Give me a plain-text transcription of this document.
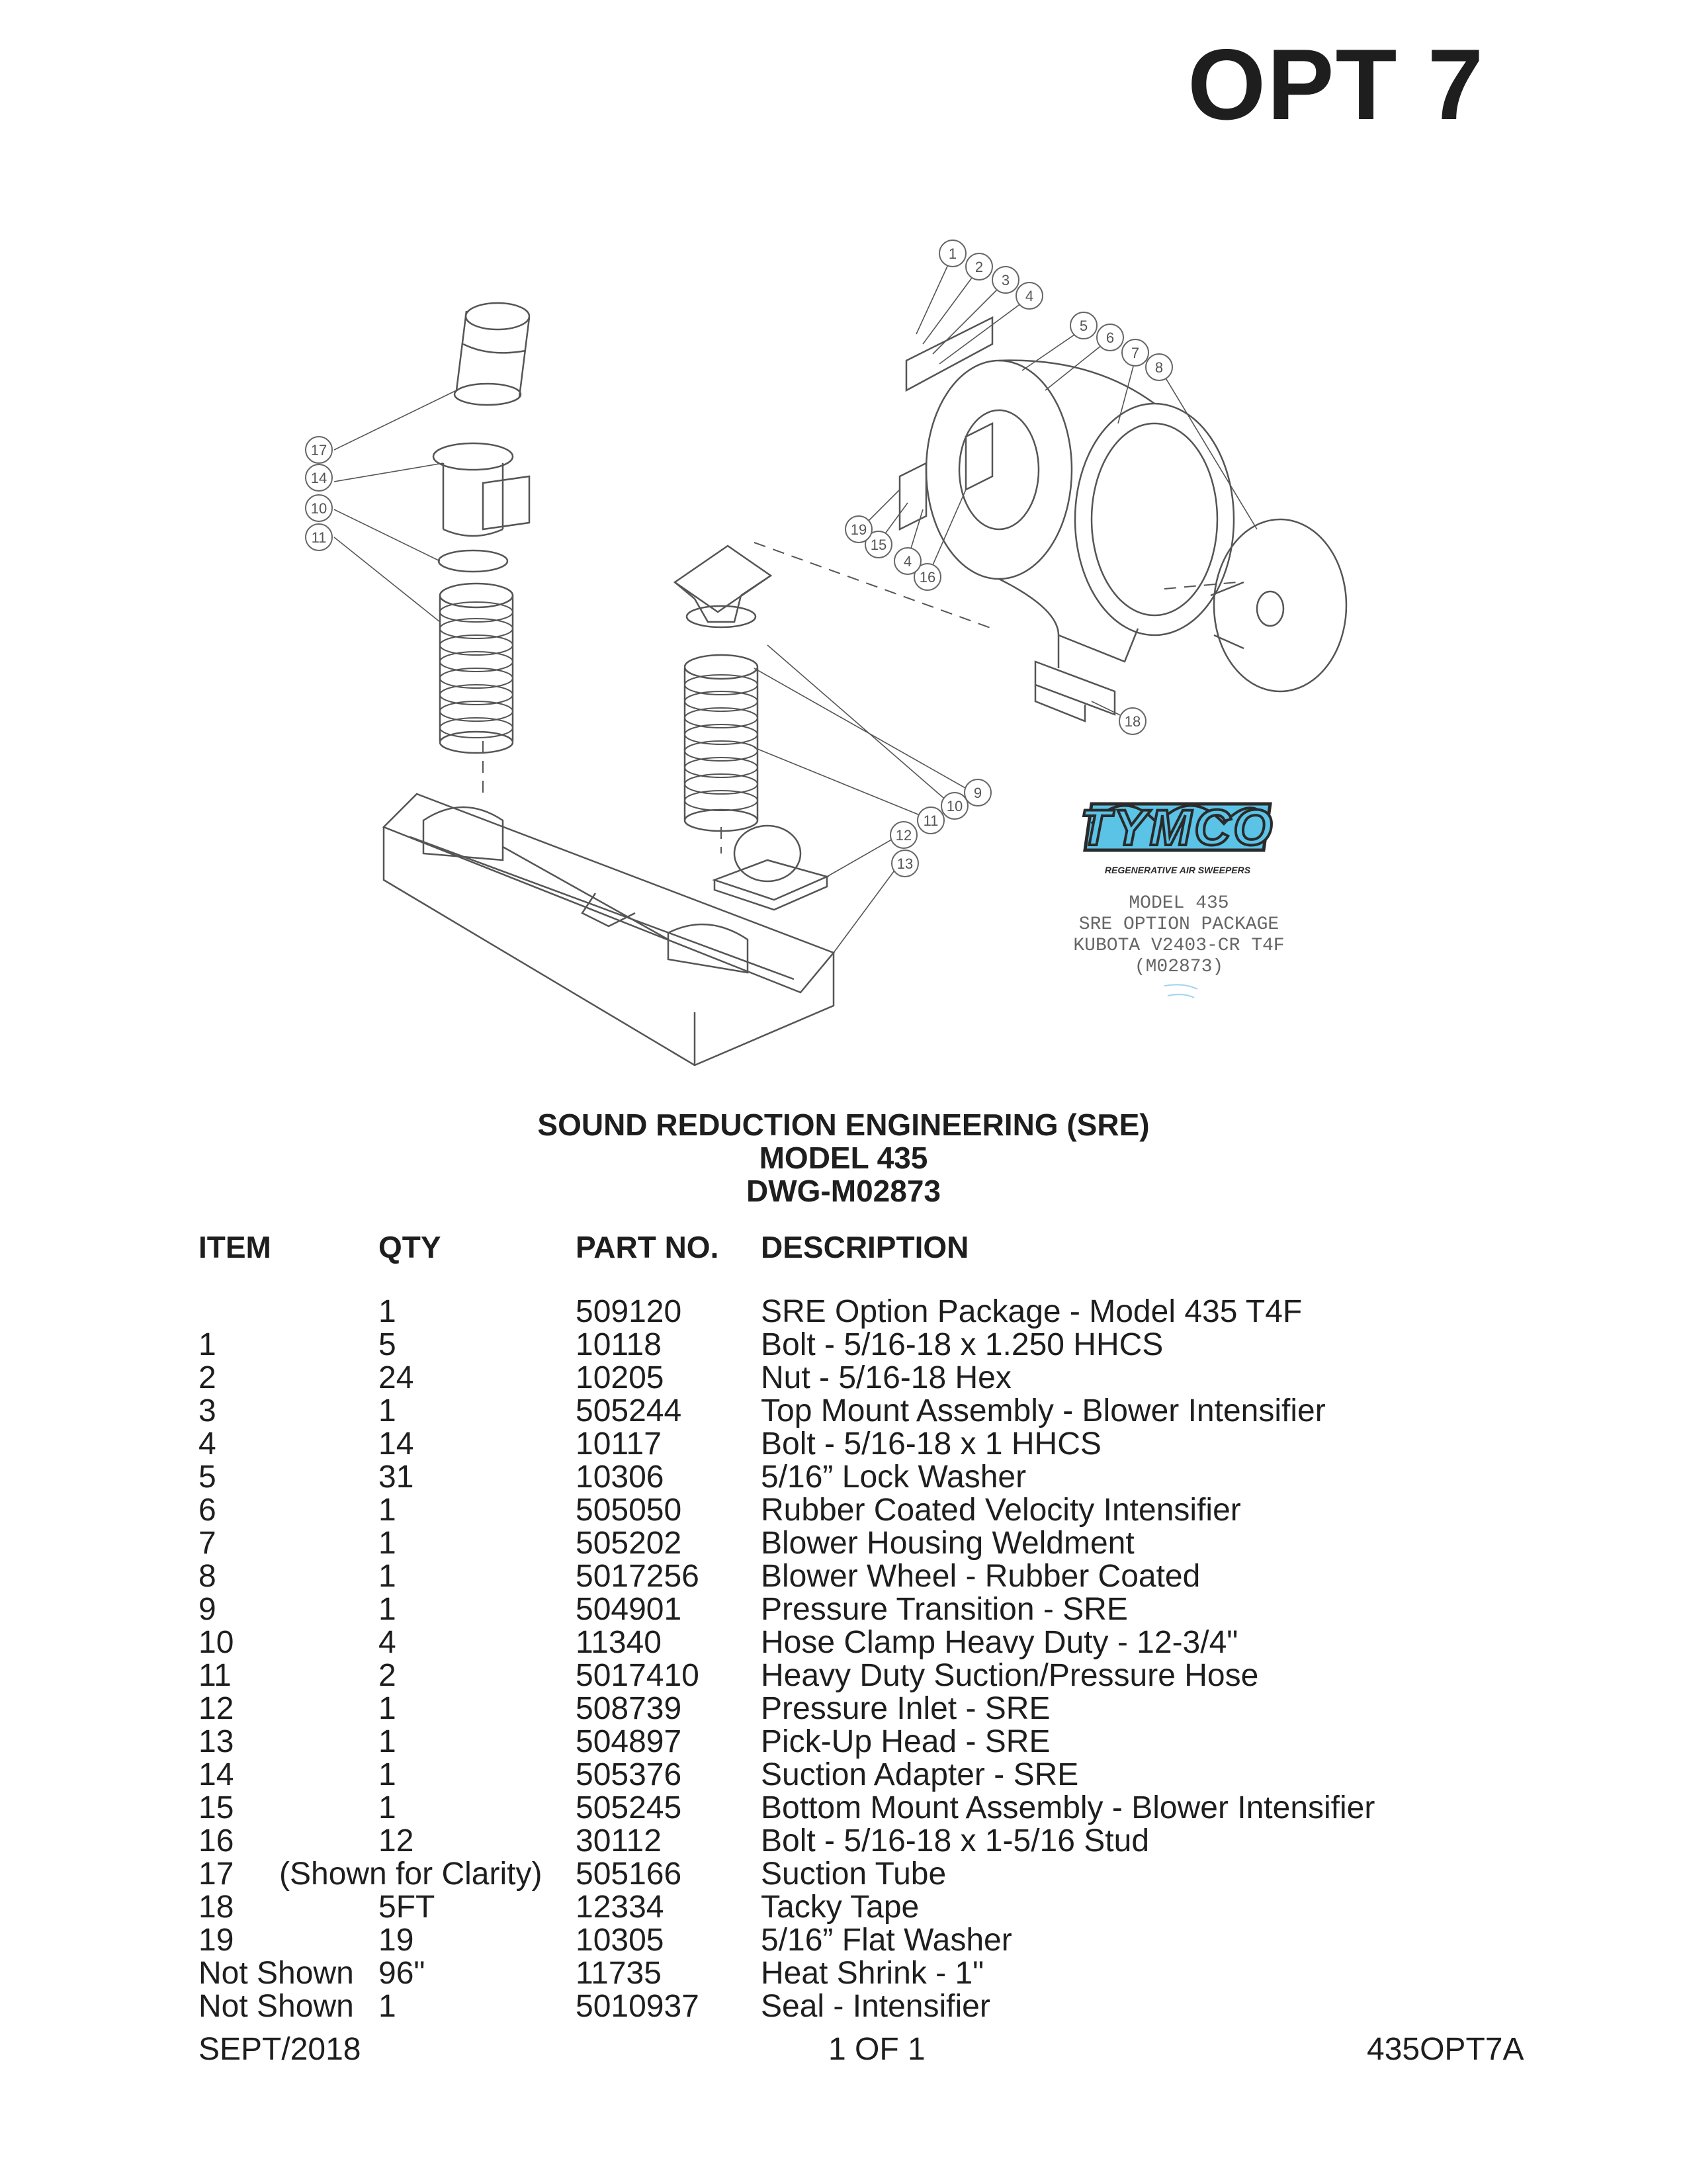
OPT 7
1
2
3
4
5
6
7
8
9
10
11
12
13
14
15
16
17
18
19
10
11
4
TYMCO
REGENERATIVE AIR SWEEPERS
MODEL 435
SRE OPTION PACKAGE
KUBOTA V2403-CR T4F
(M02873)
SOUND REDUCTION ENGINEERING (SRE)
MODEL 435
DWG-M02873
ITEM	QTY	PART NO. DESCRIPTION
1	509120 SRE Option Package - Model 435 T4F
1	5	10118	Bolt - 5/16-18 x 1.250 HHCS
2	24	10205	Nut - 5/16-18 Hex
3	1	505244 Top Mount Assembly - Blower Intensifier
4	14	10117	Bolt - 5/16-18 x 1 HHCS
5	31	10306	5/16” Lock Washer
6	1	505050 Rubber Coated Velocity Intensifier
7	1	505202 Blower Housing Weldment
8	1	5017256 Blower Wheel - Rubber Coated
9	1	504901 Pressure Transition - SRE
10	4	11340	Hose Clamp Heavy Duty - 12-3/4"
11	2	5017410 Heavy Duty Suction/Pressure Hose
12	1	508739 Pressure Inlet - SRE
13	1	504897 Pick-Up Head - SRE
14	1	505376 Suction Adapter - SRE
15	1	505245 Bottom Mount Assembly - Blower Intensifier
16	12	30112	Bolt - 5/16-18 x 1-5/16 Stud
17 (Shown for Clarity) 505166 Suction Tube
18	5FT	12334	Tacky Tape
19	19	10305	5/16” Flat Washer
Not Shown 96"	11735	Heat Shrink - 1"
Not Shown 1	5010937 Seal - Intensifier
SEPT/2018	1 OF 1	435OPT7A
